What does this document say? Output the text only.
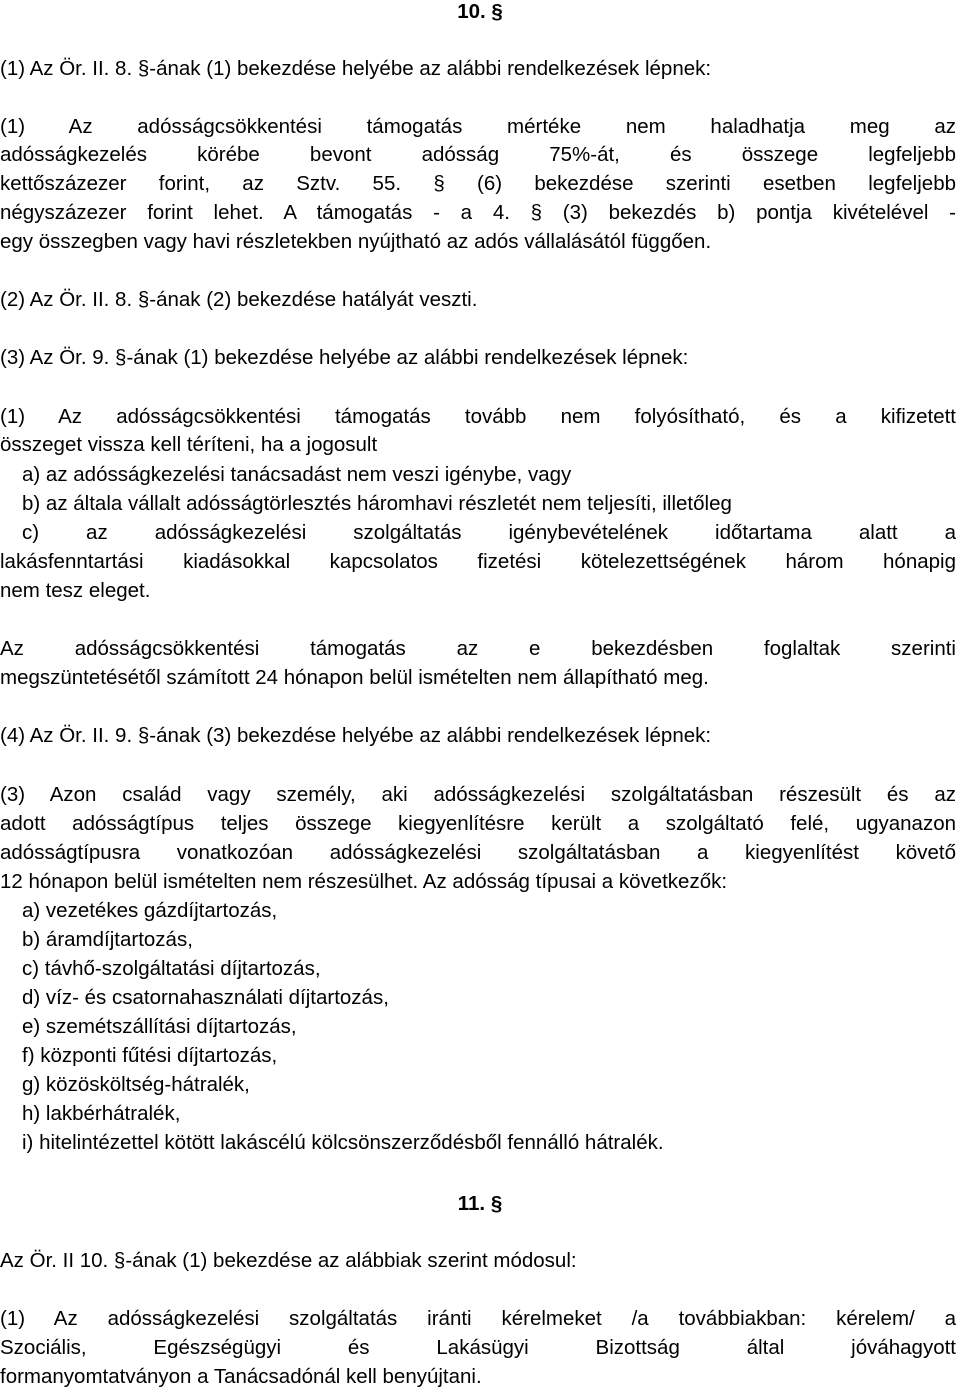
10. §
(1) Az Ör. II. 8. §-ának (1) bekezdése helyébe az alábbi rendelkezések lépnek:
(1) Az adósságcsökkentési támogatás mértéke nem haladhatja meg az
adósságkezelés körébe bevont adósság 75%-át, és összege legfeljebb
kettőszázezer forint, az Sztv. 55. § (6) bekezdése szerinti esetben legfeljebb
négyszázezer forint lehet. A támogatás - a 4. § (3) bekezdés b) pontja kivételével -
egy összegben vagy havi részletekben nyújtható az adós vállalásától függően.
(2) Az Ör. II. 8. §-ának (2) bekezdése hatályát veszti.
(3) Az Ör. 9. §-ának (1) bekezdése helyébe az alábbi rendelkezések lépnek:
(1) Az adósságcsökkentési támogatás tovább nem folyósítható, és a kifizetett
összeget vissza kell téríteni, ha a jogosult
a) az adósságkezelési tanácsadást nem veszi igénybe, vagy
b) az általa vállalt adósságtörlesztés háromhavi részletét nem teljesíti, illetőleg
c) az adósságkezelési szolgáltatás igénybevételének időtartama alatt a
lakásfenntartási kiadásokkal kapcsolatos fizetési kötelezettségének három hónapig
nem tesz eleget.
Az adósságcsökkentési támogatás az e bekezdésben foglaltak szerinti
megszüntetésétől számított 24 hónapon belül ismételten nem állapítható meg.
(4) Az Ör. II. 9. §-ának (3) bekezdése helyébe az alábbi rendelkezések lépnek:
(3) Azon család vagy személy, aki adósságkezelési szolgáltatásban részesült és az
adott adósságtípus teljes összege kiegyenlítésre került a szolgáltató felé, ugyanazon
adósságtípusra vonatkozóan adósságkezelési szolgáltatásban a kiegyenlítést követő
12 hónapon belül ismételten nem részesülhet. Az adósság típusai a következők:
a) vezetékes gázdíjtartozás,
b) áramdíjtartozás,
c) távhő-szolgáltatási díjtartozás,
d) víz- és csatornahasználati díjtartozás,
e) szemétszállítási díjtartozás,
f) központi fűtési díjtartozás,
g) közösköltség-hátralék,
h) lakbérhátralék,
i) hitelintézettel kötött lakáscélú kölcsönszerződésből fennálló hátralék.
11. §
Az Ör. II 10. §-ának (1) bekezdése az alábbiak szerint módosul:
(1) Az adósságkezelési szolgáltatás iránti kérelmeket /a továbbiakban: kérelem/ a
Szociális, Egészségügyi és Lakásügyi Bizottság által jóváhagyott
formanyomtatványon a Tanácsadónál kell benyújtani.
